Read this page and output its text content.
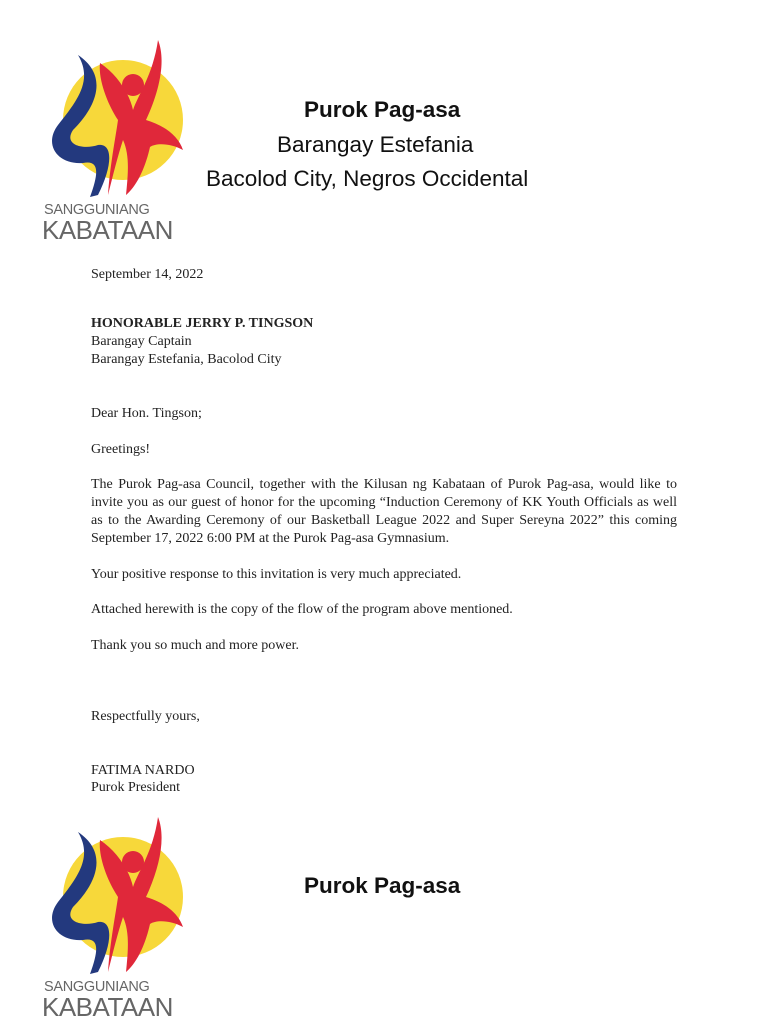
SANGGUNIANG
KABATAAN
Purok Pag-asa
Barangay Estefania
Bacolod City, Negros Occidental
September 14, 2022
HONORABLE JERRY P. TINGSON
Barangay Captain
Barangay Estefania, Bacolod City
Dear Hon. Tingson;
Greetings!
The Purok Pag-asa Council, together with the Kilusan ng Kabataan of Purok Pag-asa, would like to invite you as our guest of honor for the upcoming “Induction Ceremony of KK Youth Officials as well as to the Awarding Ceremony of our Basketball League 2022 and Super Sereyna 2022” this coming September 17, 2022 6:00 PM at the Purok Pag-asa Gymnasium.
Your positive response to this invitation is very much appreciated.
Attached herewith is the copy of the flow of the program above mentioned.
Thank you so much and more power.
Respectfully yours,
FATIMA NARDO
Purok President
SANGGUNIANG
KABATAAN
Purok Pag-asa
